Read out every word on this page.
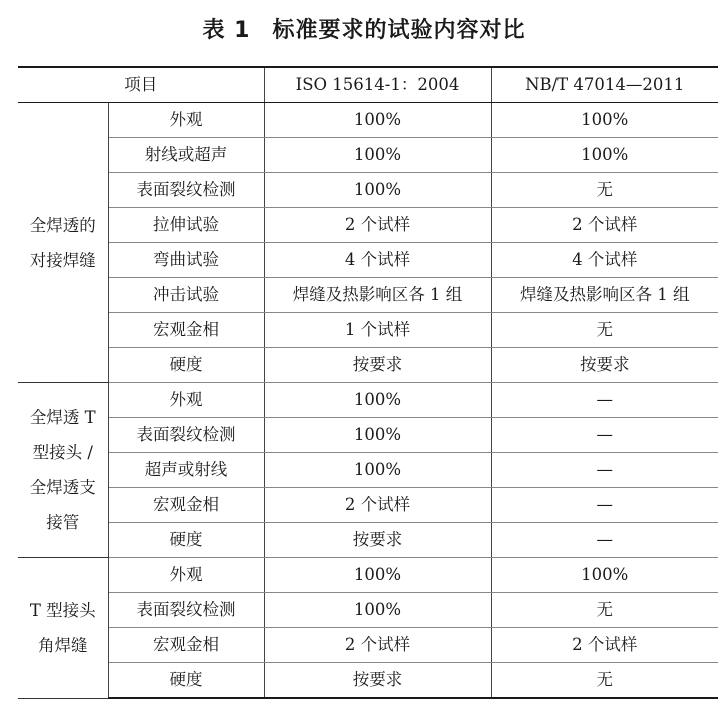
表 1 标准要求的试验内容对比
项目		ISO 15614-1：2004	NB/T 47014—2011

全焊透的
对接焊缝	外观	100%	100%
	射线或超声	100%	100%
	表面裂纹检测	100%	无
	拉伸试验	2 个试样	2 个试样
	弯曲试验	4 个试样	4 个试样
	冲击试验	焊缝及热影响区各 1 组	焊缝及热影响区各 1 组
	宏观金相	1 个试样	无
	硬度	按要求	按要求

全焊透 T
型接头 /
全焊透支
接管	外观	100%	—
	表面裂纹检测	100%	—
	超声或射线	100%	—
	宏观金相	2 个试样	—
	硬度	按要求	—

T 型接头
角焊缝	外观	100%	100%
	表面裂纹检测	100%	无
	宏观金相	2 个试样	2 个试样
	硬度	按要求	无
